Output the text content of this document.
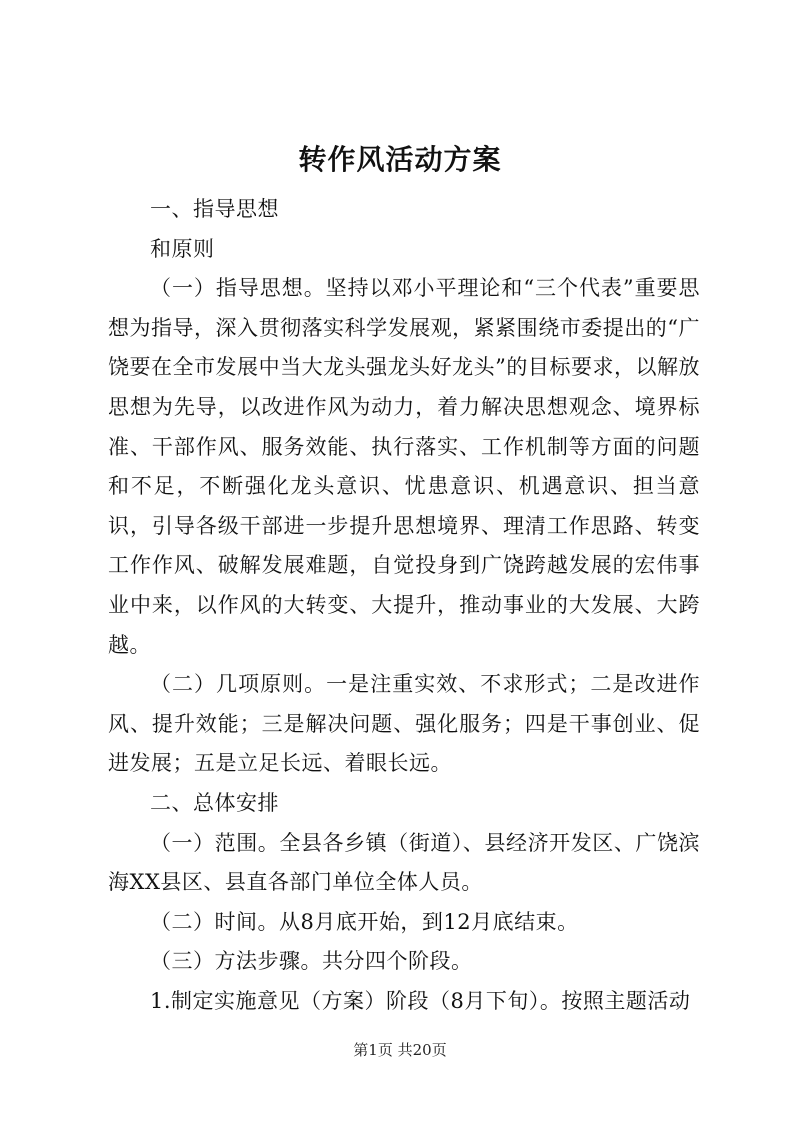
转作风活动方案

一、指导思想

和原则

（一）指导思想。坚持以邓小平理论和“三个代表”重要思想为指导，深入贯彻落实科学发展观，紧紧围绕市委提出的“广饶要在全市发展中当大龙头强龙头好龙头”的目标要求，以解放思想为先导，以改进作风为动力，着力解决思想观念、境界标准、干部作风、服务效能、执行落实、工作机制等方面的问题和不足，不断强化龙头意识、忧患意识、机遇意识、担当意识，引导各级干部进一步提升思想境界、理清工作思路、转变工作作风、破解发展难题，自觉投身到广饶跨越发展的宏伟事业中来，以作风的大转变、大提升，推动事业的大发展、大跨越。

（二）几项原则。一是注重实效、不求形式；二是改进作风、提升效能；三是解决问题、强化服务；四是干事创业、促进发展；五是立足长远、着眼长远。

二、总体安排

（一）范围。全县各乡镇（街道）、县经济开发区、广饶滨海XX县区、县直各部门单位全体人员。

（二）时间。从8月底开始，到12月底结束。

（三）方法步骤。共分四个阶段。

1.制定实施意见（方案）阶段（8月下旬）。按照主题活动

第1页 共20页
